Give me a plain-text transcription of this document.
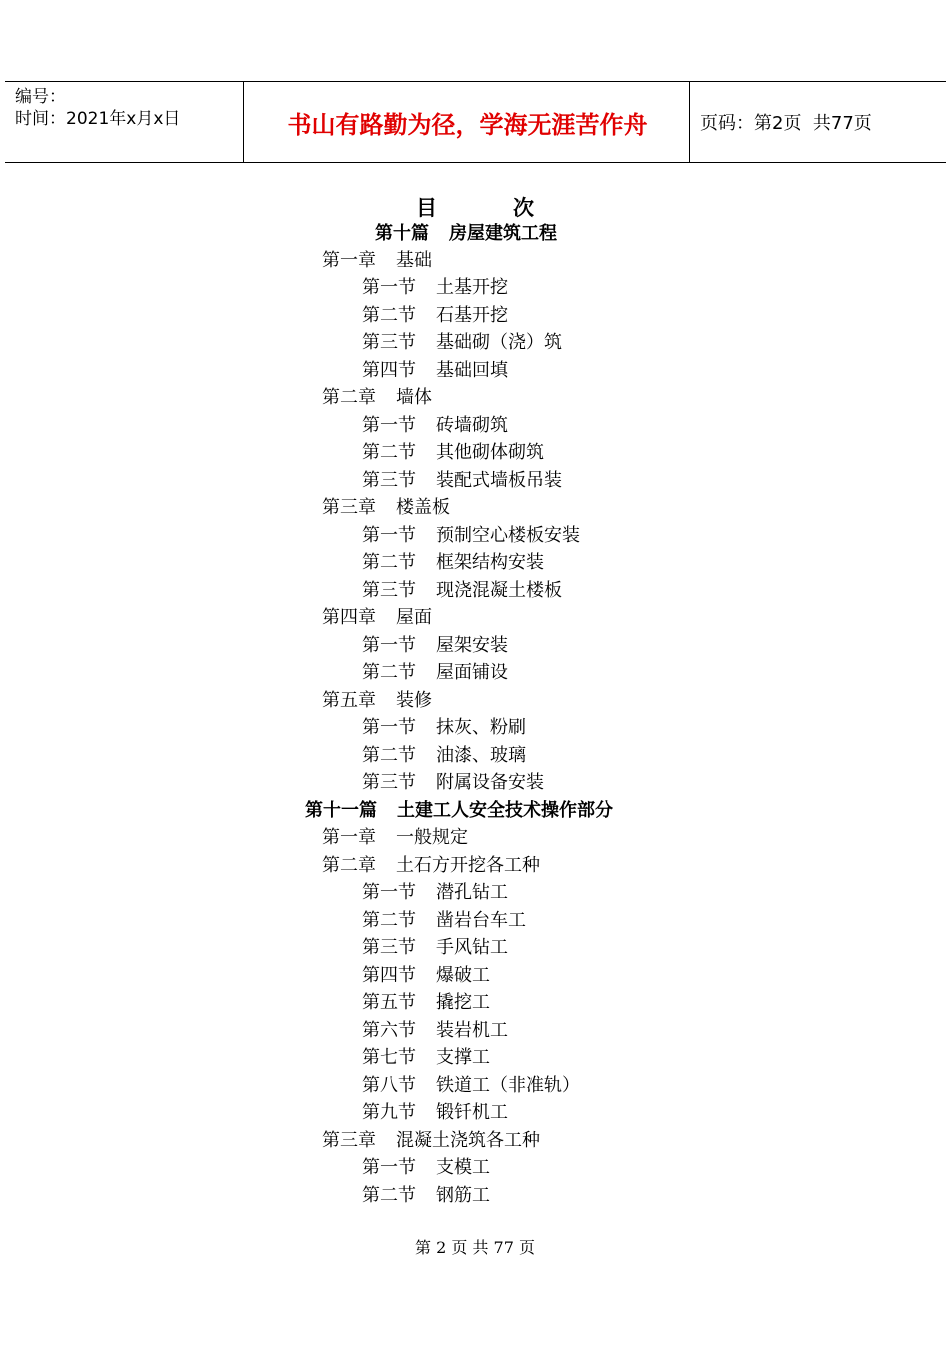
编号：
时间：2021年x月x日	书山有路勤为径，学海无涯苦作舟	页码：第2页  共77页
目	次
第十篇 房屋建筑工程
第一章 基础
第一节 土基开挖
第二节 石基开挖
第三节 基础砌（浇）筑
第四节 基础回填
第二章 墙体
第一节 砖墙砌筑
第二节 其他砌体砌筑
第三节 装配式墙板吊装
第三章 楼盖板
第一节 预制空心楼板安装
第二节 框架结构安装
第三节 现浇混凝土楼板
第四章 屋面
第一节 屋架安装
第二节 屋面铺设
第五章 装修
第一节 抹灰、粉刷
第二节 油漆、玻璃
第三节 附属设备安装
第十一篇 土建工人安全技术操作部分
第一章 一般规定
第二章 土石方开挖各工种
第一节 潜孔钻工
第二节 凿岩台车工
第三节 手风钻工
第四节 爆破工
第五节 撬挖工
第六节 装岩机工
第七节 支撑工
第八节 铁道工（非准轨）
第九节 锻钎机工
第三章 混凝土浇筑各工种
第一节 支模工
第二节 钢筋工
第 2 页 共 77 页
